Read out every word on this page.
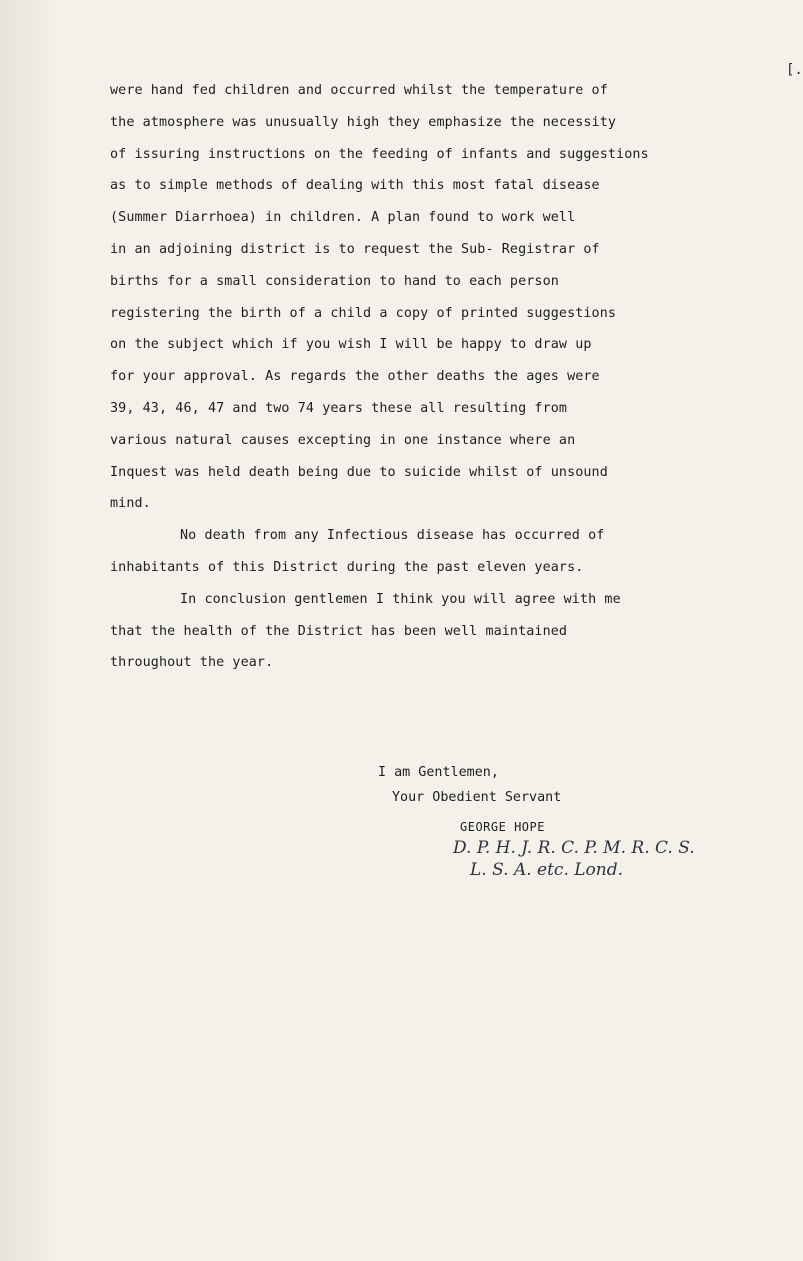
[.
were hand fed children and occurred whilst the temperature of
the atmosphere was unusually high they emphasize the necessity
of issuring instructions on the feeding of infants and suggestions
as to simple methods of dealing with this most fatal disease
(Summer Diarrhoea) in children. A plan found to work well
in an adjoining district is to request the Sub- Registrar of
births for a small consideration to hand to each person
registering the birth of a child a copy of printed suggestions
on the subject which if you wish I will be happy to draw up
for your approval. As regards the other deaths the ages were
39, 43, 46, 47 and two 74 years these all resulting from
various natural causes excepting in one instance where an
Inquest was held death being due to suicide whilst of unsound
mind.
No death from any Infectious disease has occurred of
inhabitants of this District during the past eleven years.
In conclusion gentlemen I think you will agree with me
that the health of the District has been well maintained
throughout the year.
I am Gentlemen,
Your Obedient Servant
GEORGE HOPE
D. P. H. J. R. C. P. M. R. C. S.
L. S. A. etc. Lond.
